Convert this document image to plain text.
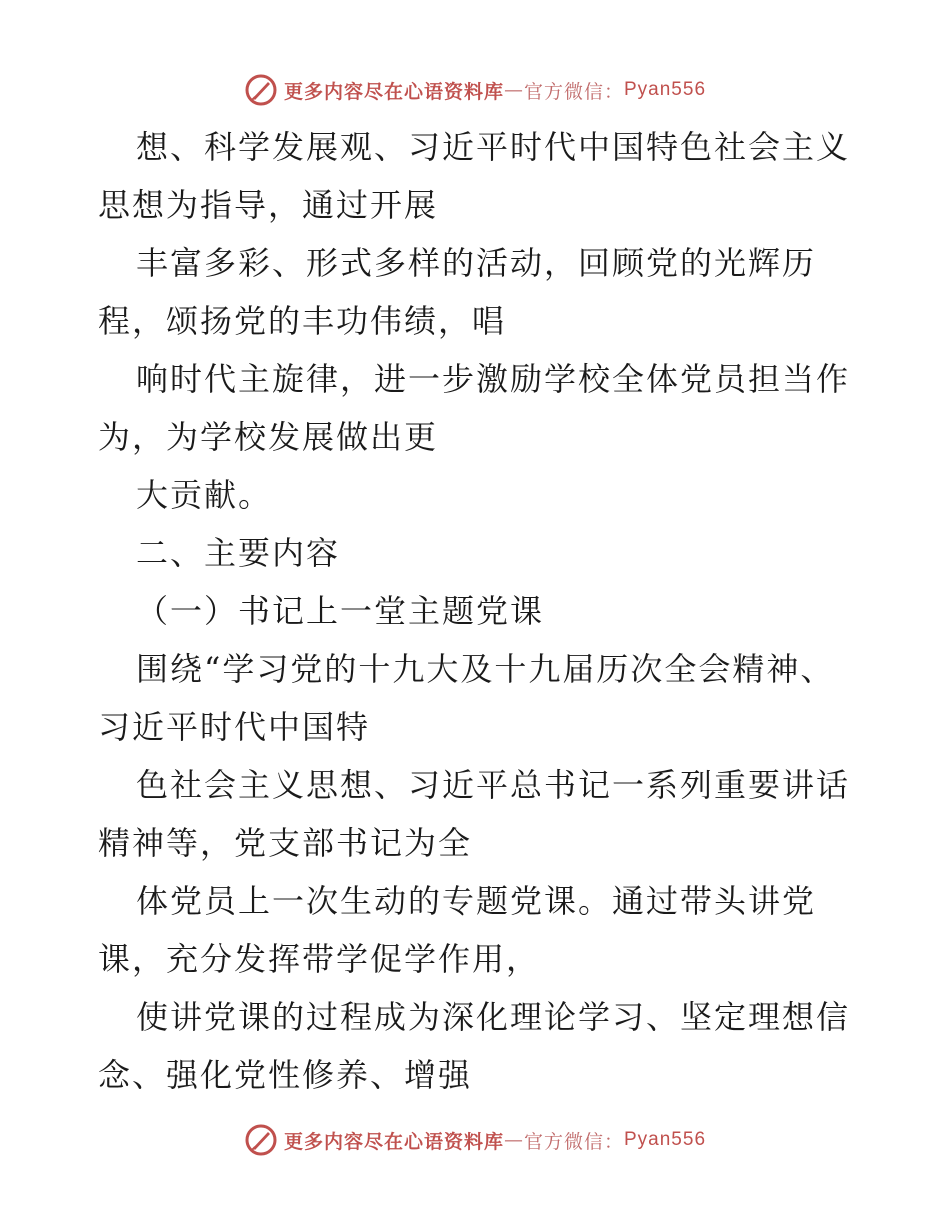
更多内容尽在心语资料库 — 官方微信： Pyan556
想、科学发展观、习近平时代中国特色社会主义
思想为指导，通过开展
丰富多彩、形式多样的活动，回顾党的光辉历
程，颂扬党的丰功伟绩，唱
响时代主旋律，进一步激励学校全体党员担当作
为，为学校发展做出更
大贡献。
二、主要内容
（一）书记上一堂主题党课
围绕“学习党的十九大及十九届历次全会精神、
习近平时代中国特
色社会主义思想、习近平总书记一系列重要讲话
精神等，党支部书记为全
体党员上一次生动的专题党课。通过带头讲党
课，充分发挥带学促学作用，
使讲党课的过程成为深化理论学习、坚定理想信
念、强化党性修养、增强
更多内容尽在心语资料库 — 官方微信： Pyan556
